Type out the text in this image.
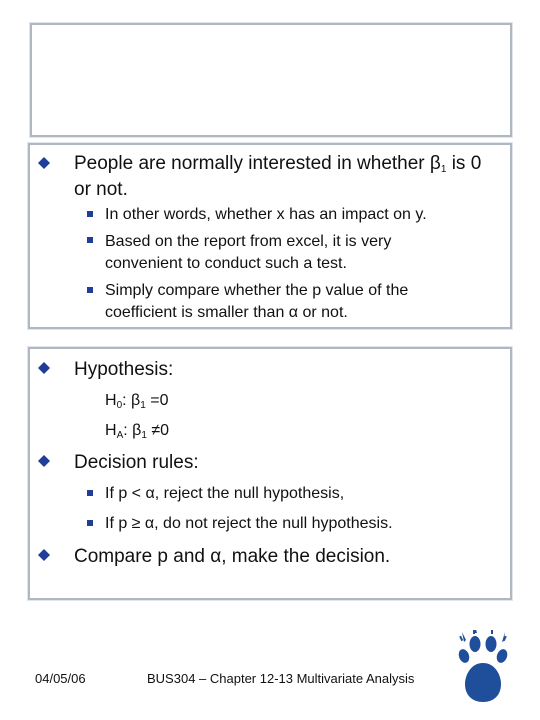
People are normally interested in whether $\beta_1$ is 0
or not.
In other words, whether x has an impact on y.
Based on the report from excel, it is very
convenient to conduct such a test.
Simply compare whether the p value of the
coefficient is smaller than α or not.
Hypothesis:
$H_0$: $\beta_1 =0$
$H_A$: $\beta_1 \ne 0$
Decision rules:
If p < α, reject the null hypothesis,
If p ≥ α, do not reject the null hypothesis.
Compare p and α, make the decision.
04/05/06	BUS304 – Chapter 12-13 Multivariate Analysis
